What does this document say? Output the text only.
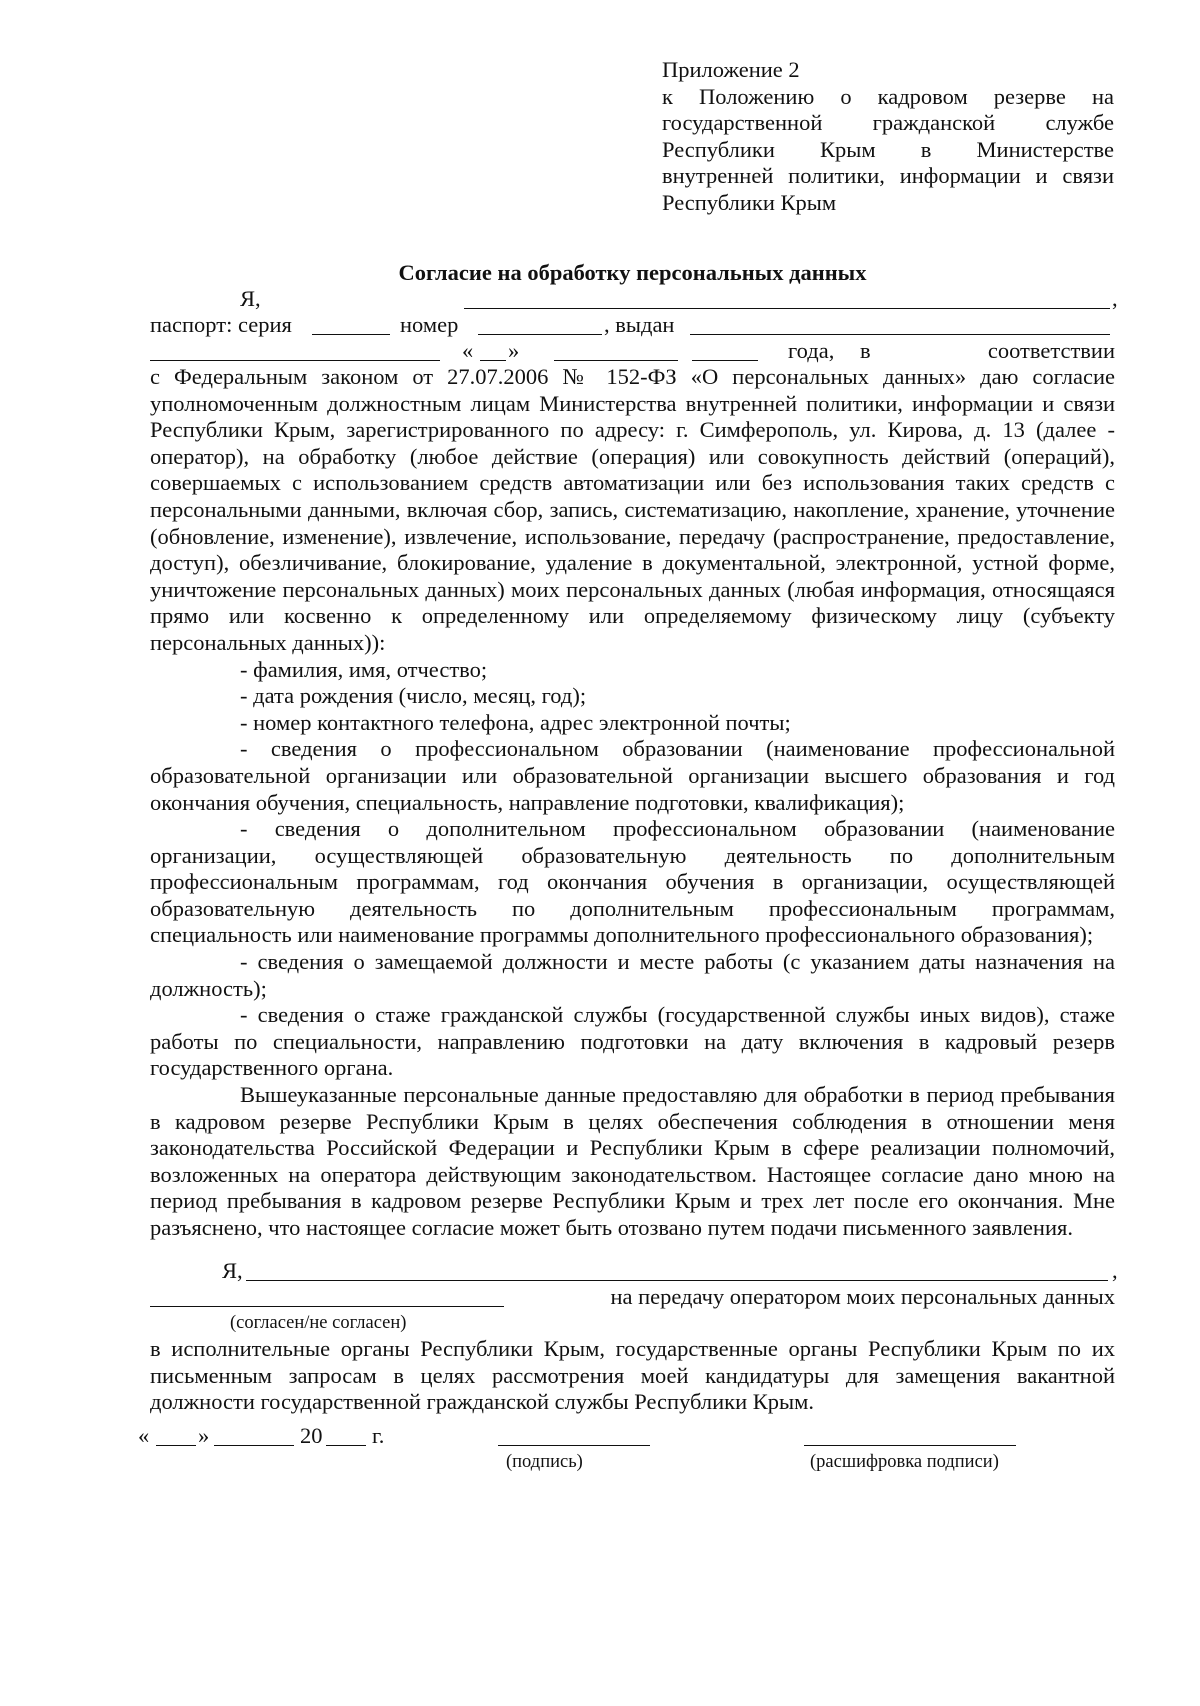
Приложение 2
к Положению о кадровом резерве на
государственной гражданской службе
Республики Крым в Министерстве
внутренней политики, информации и связи
Республики Крым
Согласие на обработку персональных данных
Я,	,
паспорт: серия	номер	, выдан
« »	года, в	соответствии

с Федеральным законом от 27.07.2006 № 152-ФЗ «О персональных данных» даю согласие уполномоченным должностным лицам Министерства внутренней политики, информации и связи Республики Крым, зарегистрированного по адресу: г. Симферополь, ул. Кирова, д. 13 (далее - оператор), на обработку (любое действие (операция) или совокупность действий (операций), совершаемых с использованием средств автоматизации или без использования таких средств с персональными данными, включая сбор, запись, систематизацию, накопление, хранение, уточнение (обновление, изменение), извлечение, использование, передачу (распространение, предоставление, доступ), обезличивание, блокирование, удаление в документальной, электронной, устной форме, уничтожение персональных данных) моих персональных данных (любая информация, относящаяся прямо или косвенно к определенному или определяемому физическому лицу (субъекту персональных данных)):

- фамилия, имя, отчество;

- дата рождения (число, месяц, год);

- номер контактного телефона, адрес электронной почты;

- сведения о профессиональном образовании (наименование профессиональной образовательной организации или образовательной организации высшего образования и год окончания обучения, специальность, направление подготовки, квалификация);

- сведения о дополнительном профессиональном образовании (наименование организации, осуществляющей образовательную деятельность по дополнительным профессиональным программам, год окончания обучения в организации, осуществляющей образовательную деятельность по дополнительным профессиональным программам, специальность или наименование программы дополнительного профессионального образования);

- сведения о замещаемой должности и месте работы (с указанием даты назначения на должность);

- сведения о стаже гражданской службы (государственной службы иных видов), стаже работы по специальности, направлению подготовки на дату включения в кадровый резерв государственного органа.

Вышеуказанные персональные данные предоставляю для обработки в период пребывания в кадровом резерве Республики Крым в целях обеспечения соблюдения в отношении меня законодательства Российской Федерации и Республики Крым в сфере реализации полномочий, возложенных на оператора действующим законодательством. Настоящее согласие дано мною на период пребывания в кадровом резерве Республики Крым и трех лет после его окончания. Мне разъяснено, что настоящее согласие может быть отозвано путем подачи письменного заявления.

Я,	,
на передачу оператором моих персональных данных
(согласен/не согласен)

в исполнительные органы Республики Крым, государственные органы Республики Крым по их письменным запросам в целях рассмотрения моей кандидатуры для замещения вакантной должности государственной гражданской службы Республики Крым.

« »	20 г.
(подпись)	(расшифровка подписи)
